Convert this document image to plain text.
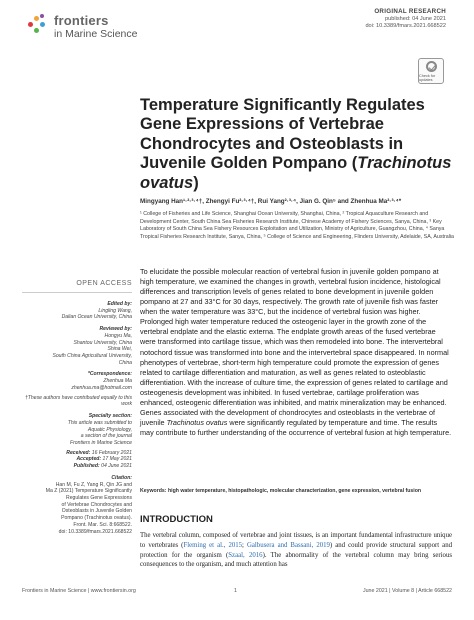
frontiers
in Marine Science
ORIGINAL RESEARCH
published: 04 June 2021
doi: 10.3389/fmars.2021.668522
Check for updates
Temperature Significantly Regulates Gene Expressions of Vertebrae Chondrocytes and Osteoblasts in Juvenile Golden Pompano (Trachinotus ovatus)
Mingyang Han¹·²·³·⁴†, Zhengyi Fu²·³·⁴†, Rui Yang²·³·⁴, Jian G. Qin⁵ and Zhenhua Ma²·³·⁴*
¹ College of Fisheries and Life Science, Shanghai Ocean University, Shanghai, China, ² Tropical Aquaculture Research and Development Center, South China Sea Fisheries Research Institute, Chinese Academy of Fishery Sciences, Sanya, China, ³ Key Laboratory of South China Sea Fishery Resources Exploitation and Utilization, Ministry of Agriculture, Guangzhou, China, ⁴ Sanya Tropical Fisheries Research Institute, Sanya, China, ⁵ College of Science and Engineering, Flinders University, Adelaide, SA, Australia
OPEN ACCESS
Edited by:
Lingling Wang,
Dalian Ocean University, China
Reviewed by:
Hongyu Ma,
Shantou University, China
Shina Wei,
South China Agricultural University,
China
*Correspondence:
Zhenhua Ma
zhenhua.ma@hotmail.com
†These authors have contributed equally to this work
Specialty section:
This article was submitted to
Aquatic Physiology,
a section of the journal
Frontiers in Marine Science
Received: 16 February 2021
Accepted: 17 May 2021
Published: 04 June 2021
Citation:
Han M, Fu Z, Yang R, Qin JG and
Ma Z (2021) Temperature Significantly
Regulates Gene Expressions
of Vertebrae Chondrocytes and
Osteoblasts in Juvenile Golden
Pompano (Trachinotus ovatus).
Front. Mar. Sci. 8:668522.
doi: 10.3389/fmars.2021.668522
To elucidate the possible molecular reaction of vertebral fusion in juvenile golden pompano at high temperature, we examined the changes in growth, vertebral fusion incidence, histological differences and transcription levels of genes related to bone development in juvenile golden pompano at 27 and 33°C for 30 days, respectively. The growth rate of juvenile fish was faster when the water temperature was 33°C, but the incidence of vertebral fusion was higher. Prolonged high water temperature reduced the osteogenic layer in the growth zone of the vertebral endplate and the elastic externa. The endplate growth areas of the fused vertebrae were transformed into cartilage tissue, which was then remodeled into bone. The intervertebral notochord tissue was transformed into bone and the intervertebral space disappeared. In normal phenotypes of vertebrae, short-term high temperature could promote the expression of genes related to cartilage differentiation and maturation, as well as genes related to osteoblastic differentiation. With the increase of culture time, the expression of genes related to cartilage and osteogenesis development was inhibited. In fused vertebrae, cartilage proliferation was enhanced, osteogenic differentiation was inhibited, and matrix mineralization may be enhanced. Genes associated with the development of chondrocytes and osteoblasts in the vertebrae of juvenile Trachinotus ovatus were significantly regulated by temperature and time. The results may contribute to further understanding of the occurrence of vertebral fusion at high temperature.
Keywords: high water temperature, histopathologic, molecular characterization, gene expression, vertebral fusion
INTRODUCTION
The vertebral column, composed of vertebrae and joint tissues, is an important fundamental infrastructure unique to vertebrates (Fleming et al., 2015; Galbusera and Bassani, 2019) and could provide structural support and protection for the organism (Szaal, 2016). The abnormality of the vertebral column may bring serious consequences to the organism, and much attention has
Frontiers in Marine Science | www.frontiersin.org	1	June 2021 | Volume 8 | Article 668522
